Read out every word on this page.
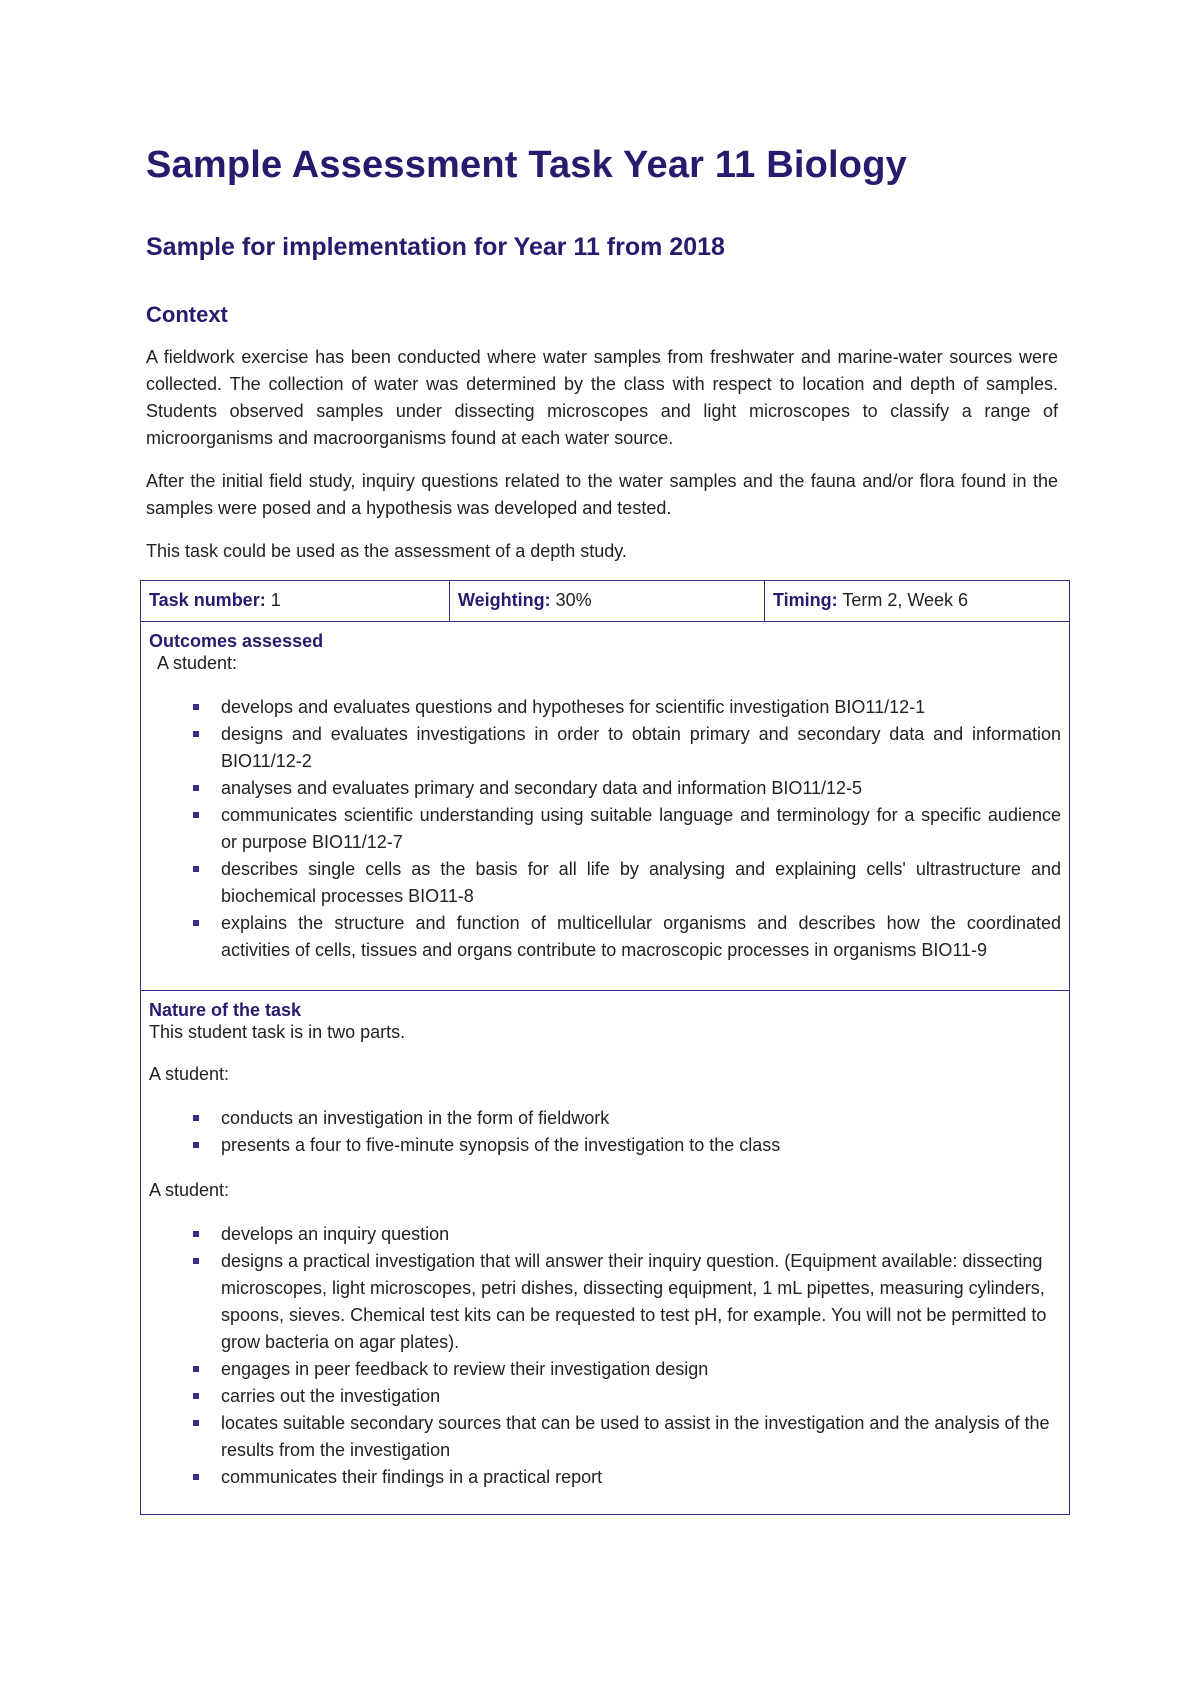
Sample Assessment Task Year 11 Biology
Sample for implementation for Year 11 from 2018
Context

A fieldwork exercise has been conducted where water samples from freshwater and marine-water sources were collected. The collection of water was determined by the class with respect to location and depth of samples. Students observed samples under dissecting microscopes and light microscopes to classify a range of microorganisms and macroorganisms found at each water source.

After the initial field study, inquiry questions related to the water samples and the fauna and/or flora found in the samples were posed and a hypothesis was developed and tested.

This task could be used as the assessment of a depth study.

Task number: 1	Weighting: 30%	Timing: Term 2, Week 6

Outcomes assessed

A student:

develops and evaluates questions and hypotheses for scientific investigation BIO11/12-1
designs and evaluates investigations in order to obtain primary and secondary data and information BIO11/12-2
analyses and evaluates primary and secondary data and information BIO11/12-5
communicates scientific understanding using suitable language and terminology for a specific audience or purpose BIO11/12-7
describes single cells as the basis for all life by analysing and explaining cells' ultrastructure and biochemical processes BIO11-8
explains the structure and function of multicellular organisms and describes how the coordinated activities of cells, tissues and organs contribute to macroscopic processes in organisms BIO11-9

Nature of the task

This student task is in two parts.

A student:

conducts an investigation in the form of fieldwork
presents a four to five-minute synopsis of the investigation to the class

A student:

develops an inquiry question
designs a practical investigation that will answer their inquiry question. (Equipment available: dissecting microscopes, light microscopes, petri dishes, dissecting equipment, 1 mL pipettes, measuring cylinders, spoons, sieves. Chemical test kits can be requested to test pH, for example. You will not be permitted to grow bacteria on agar plates).
engages in peer feedback to review their investigation design
carries out the investigation
locates suitable secondary sources that can be used to assist in the investigation and the analysis of the results from the investigation
communicates their findings in a practical report
